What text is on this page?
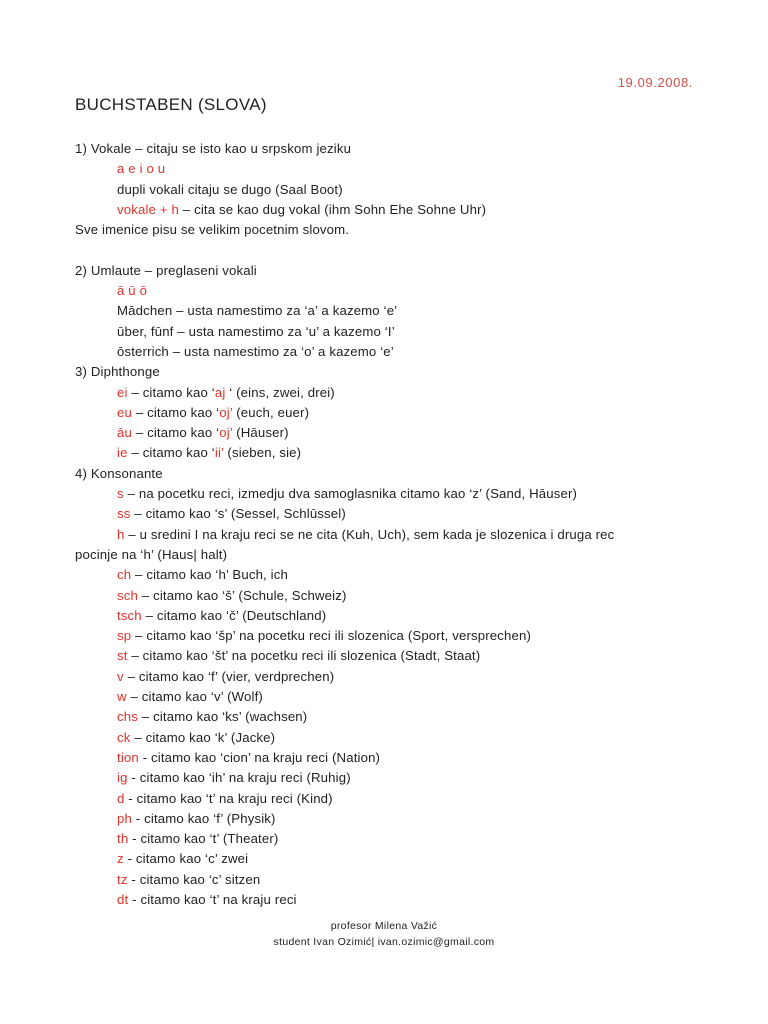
19.09.2008.
BUCHSTABEN (SLOVA)
1) Vokale – citaju se isto kao u srpskom jeziku
a e i o u
dupli vokali citaju se dugo (Saal Boot)
vokale + h – cita se kao dug vokal (ihm Sohn Ehe Sohne Uhr)
Sve imenice pisu se velikim pocetnim slovom.
2) Umlaute – preglaseni vokali
ā ū ō
Mādchen – usta namestimo za ‘a’ a kazemo ‘e’
ūber, fūnf – usta namestimo za ‘u’ a kazemo ‘I’
ōsterrich – usta namestimo za ‘o’ a kazemo ‘e’
3) Diphthonge
ei – citamo kao ‘aj ‘ (eins, zwei, drei)
eu – citamo kao ‘oj’ (euch, euer)
āu – citamo kao ‘oj’ (Hāuser)
ie – citamo kao ‘ii’ (sieben, sie)
4) Konsonante
s – na pocetku reci, izmedju dva samoglasnika citamo kao ‘z’ (Sand, Hāuser)
ss – citamo kao ‘s’ (Sessel, Schlūssel)
h – u sredini I na kraju reci se ne cita (Kuh, Uch), sem kada je slozenica i druga rec
pocinje na ‘h’ (Haus| halt)
ch – citamo kao ‘h’ Buch, ich
sch – citamo kao ‘š’ (Schule, Schweiz)
tsch – citamo kao ‘č’ (Deutschland)
sp – citamo kao ‘šp’ na pocetku reci ili slozenica (Sport, versprechen)
st – citamo kao ‘št’ na pocetku reci ili slozenica (Stadt, Staat)
v – citamo kao ‘f’ (vier, verdprechen)
w – citamo kao ‘v’ (Wolf)
chs – citamo kao ‘ks’ (wachsen)
ck – citamo kao ‘k’ (Jacke)
tion - citamo kao ‘cion’ na kraju reci (Nation)
ig - citamo kao ‘ih’ na kraju reci (Ruhig)
d - citamo kao ‘t’ na kraju reci (Kind)
ph - citamo kao ‘f’ (Physik)
th - citamo kao ‘t’ (Theater)
z - citamo kao ‘c’ zwei
tz - citamo kao ‘c’ sitzen
dt - citamo kao ‘t’ na kraju reci
profesor Milena Važić
student Ivan Ozimić| ivan.ozimic@gmail.com
